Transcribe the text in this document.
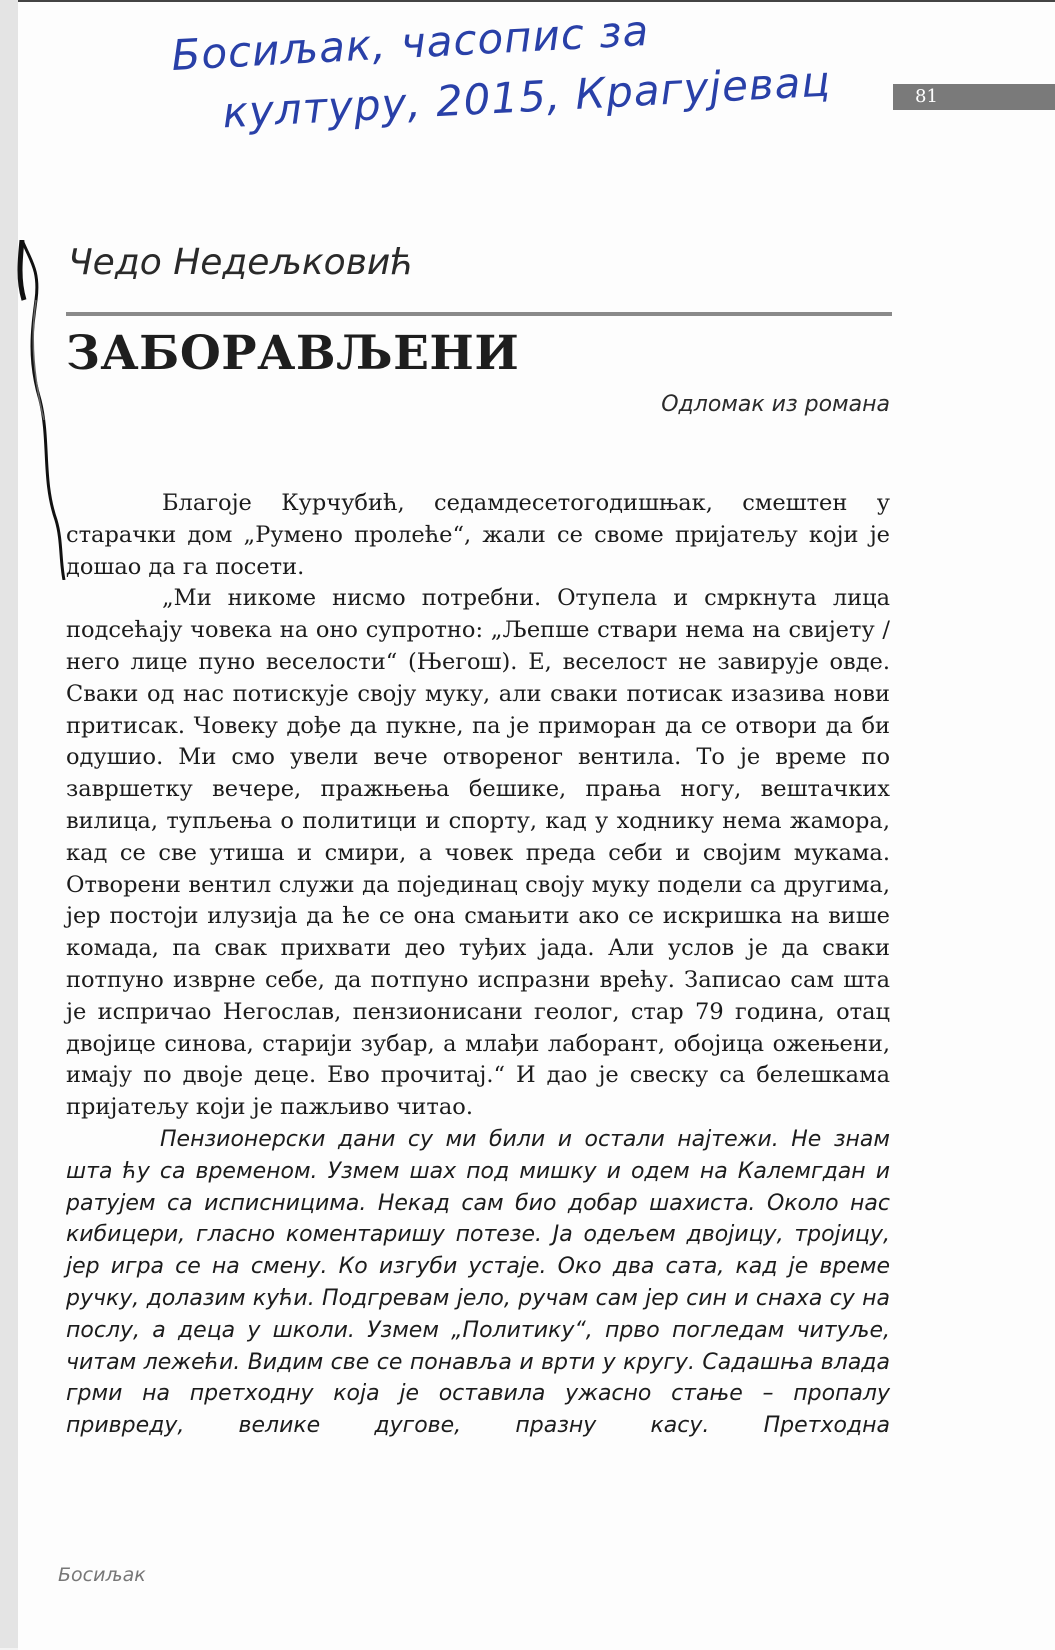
Босиљак, часопис за
културу, 2015, Крагујевац	81
Чедо Недељковић
ЗАБОРАВЉЕНИ
Одломак из романа

Благоје Курчубић, седамдесетогодишњак, смештен у старачки дом „Румено пролеће“, жали се своме пријатељу који је дошао да га посети.

„Ми никоме нисмо потребни. Отупела и смркнута лица подсећају човека на оно супротно: „Љепше ствари нема на свијету / него лице пуно веселости“ (Његош). Е, веселост не завирује овде. Сваки од нас потискује своју муку, али сваки потисак изазива нови притисак. Човеку дође да пукне, па је приморан да се отвори да би одушио. Ми смо увели вече отвореног вентила. То је време по завршетку вечере, пражњења бешике, прања ногу, вештачких вилица, тупљења о политици и спорту, кад у ходнику нема жамора, кад се све утиша и смири, а човек преда себи и својим мукама. Отворени вентил служи да појединац своју муку подели са другима, јер постоји илузија да ће се она смањити ако се искришка на више комада, па свак прихвати део туђих јада. Али услов је да сваки потпуно изврне себе, да потпуно испразни врећу. Записао сам шта је испричао Негослав, пензионисани геолог, стар 79 година, отац двојице синова, старији зубар, а млађи лаборант, обојица ожењени, имају по двоје деце. Ево прочитај.“ И дао је свеску са белешкама пријатељу који је пажљиво читао.

Пензионерски дани су ми били и остали најтежи. Не знам шта ћу са временом. Узмем шах под мишку и одем на Калемгдан и ратујем са исписницима. Некад сам био добар шахиста. Около нас кибицери, гласно коментаришу потезе. Ја одељем двојицу, тројицу, јер игра се на смену. Ко изгуби устаје. Око два сата, кад је време ручку, долазим кући. Подгревам јело, ручам сам јер син и снаха су на послу, а деца у школи. Узмем „Политику“, прво погледам читуље, читам лежећи. Видим све се понавља и врти у кругу. Садашња влада грми на претходну која је оставила ужасно стање – пропалу привреду, велике дугове, празну касу. Претходна

Босиљак
